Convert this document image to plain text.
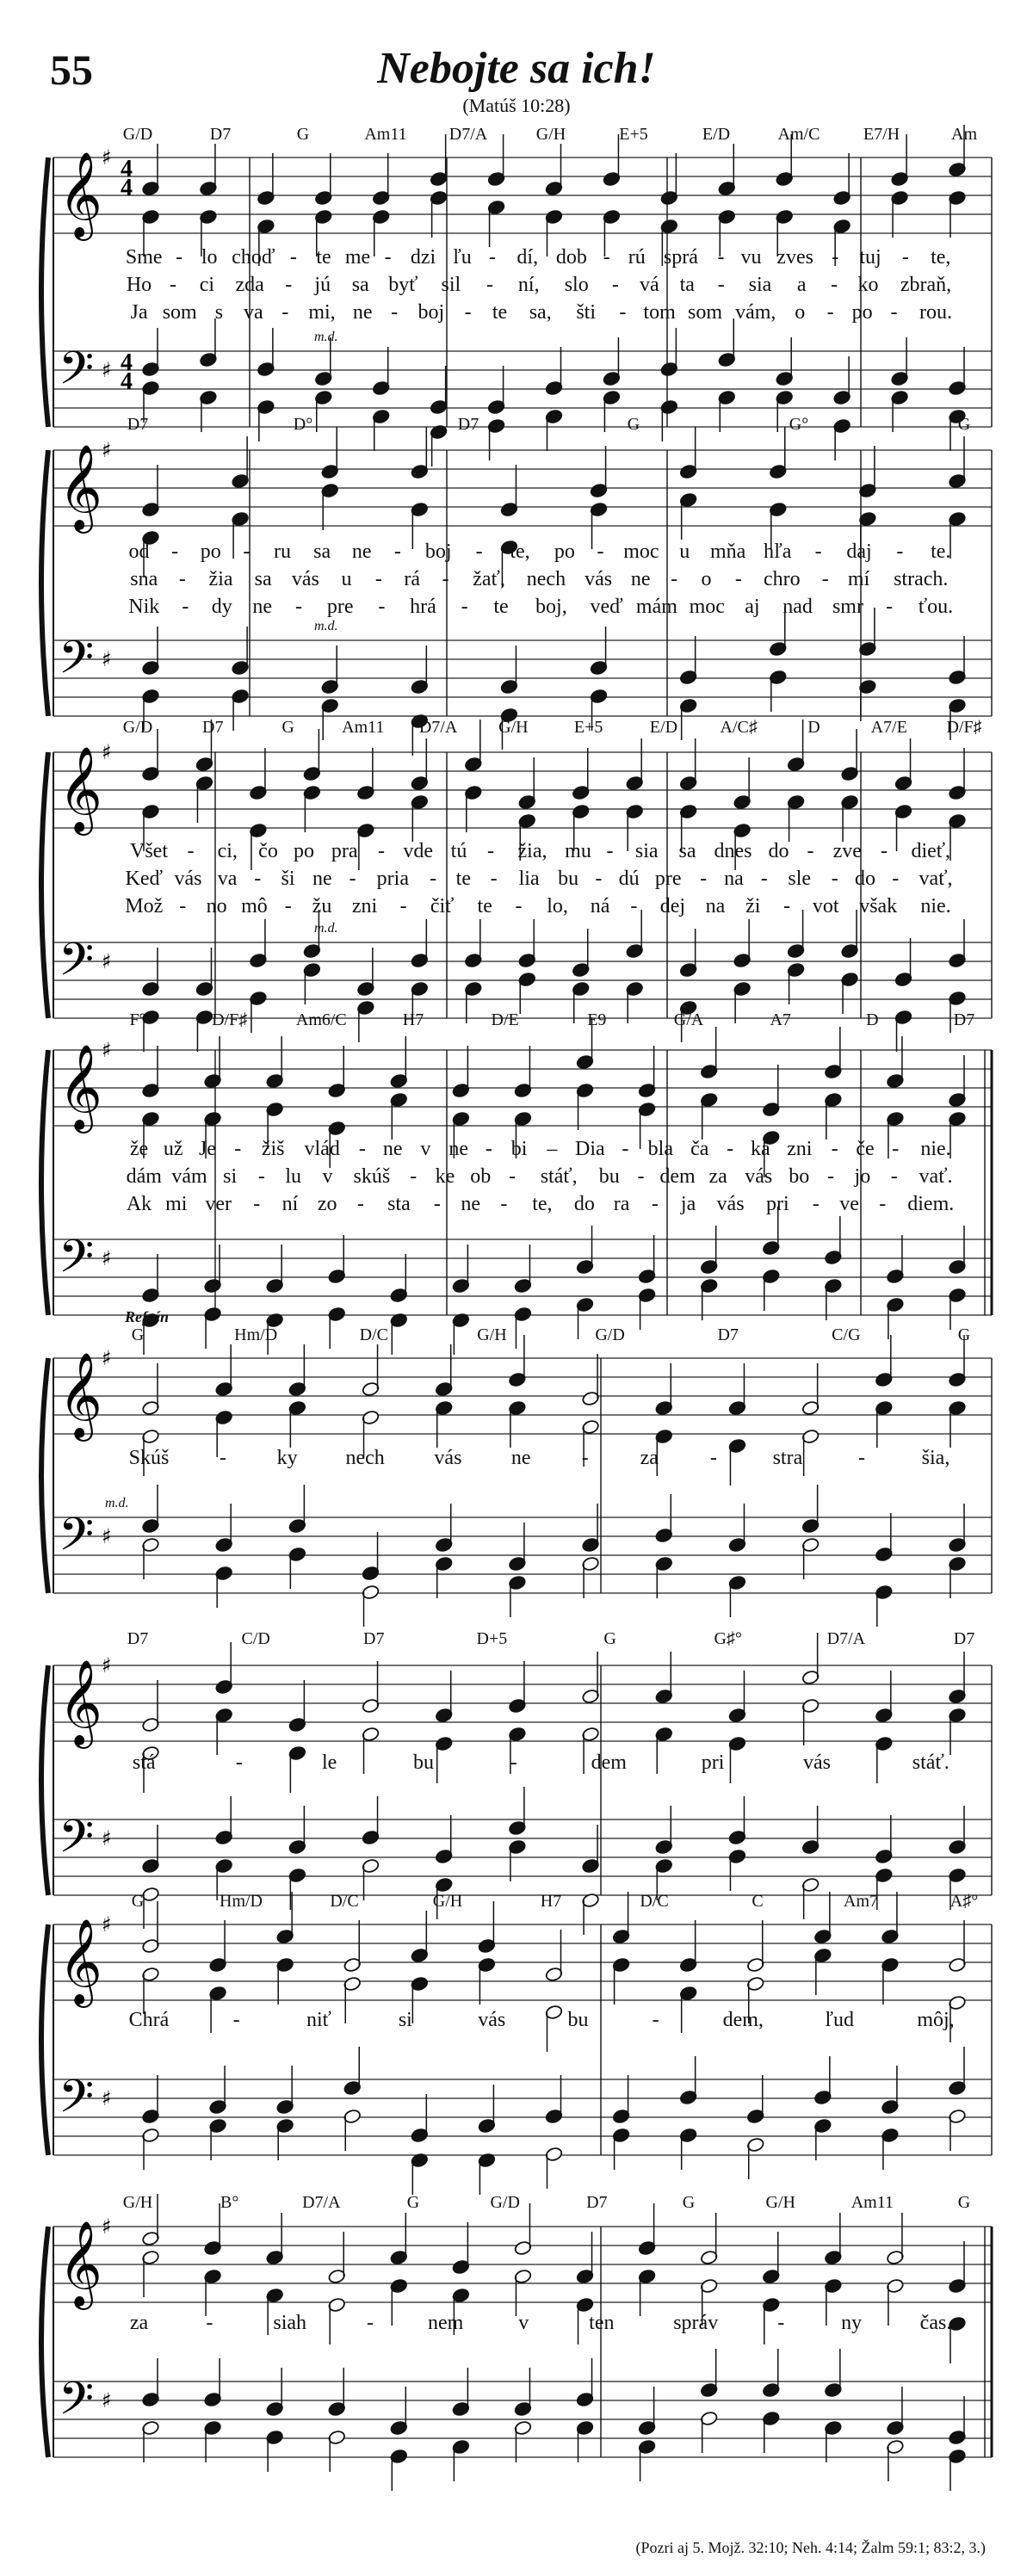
55	Nebojte sa ich!
(Matúš 10:28)
𝄞 ♯ 4
4
𝄢 ♯ 4
4
G/D	D7	G	Am11 D7/A	G/H	E+5	E/D	Am/C	E7/H	Am
Sme - lo choď - te me - dzi ľu - dí, dob - rú sprá - vu zves - tuj - te,
Ho - ci zda - jú sa byť sil - ní, slo - vá ta - sia a - ko zbraň,
Ja som s va - mi, ne - boj - te sa, šti - tom som vám, o - po - rou.
m.d.
𝄞 ♯
𝄢 ♯
D7	D°	D7	G	G°	G
od - po - ru sa ne - boj - te, po - moc u mňa hľa - daj - te.
sna - žia sa vás u - rá - žať, nech vás ne - o - chro - mí strach.
Nik - dy ne - pre - hrá - te boj, veď mám moc aj nad smr - ťou.
m.d.
𝄞 ♯
𝄢 ♯
G/D	D7	G	Am11 D7/A G/H	E+5	E/D A/C♯	D	A7/E D/F♯
Všet - ci, čo po pra - vde tú - žia, mu - sia sa dnes do - zve - dieť,
Keď vás va - ši ne - pria - te - lia bu - dú pre - na - sle - do - vať,
Mož - no mô - žu zni - čiť te - lo, ná - dej na ži - vot však nie.
m.d.
𝄞 ♯
𝄢 ♯
F°	D/F♯	Am6/C	H7	D/E	E9	G/A	A7	D	D7
že už Je - žiš vlád - ne v ne - bi – Dia - bla ča - ká zni - če - nie.
dám vám si - lu v skúš - ke ob - stáť, bu - dem za vás bo - jo - vať.
Ak mi ver - ní zo - sta - ne - te, do ra - ja vás pri - ve - diem.
𝄞 ♯
𝄢 ♯
G	Hm/D	D/C	G/H	G/D	D7	C/G	G
Skúš - ky nech vás ne - za -	stra	-	šia,
m.d.
Refrén
𝄞 ♯
𝄢 ♯
D7	C/D	D7	D+5	G	G♯°	D7/A	D7
stá	-	le	bu	-	dem	pri	vás	stáť.
𝄞 ♯
𝄢 ♯
G	Hm/D	D/C	G/H	H7	D/C	C	Am7	A♯°
Chrá	-	niť	si	vás	bu	-	dem,	ľud	môj,
𝄞 ♯
𝄢 ♯
G/H	B°	D7/A	G	G/D	D7	G	G/H	Am11	G
za	-	siah	-	nem	v	ten	správ	-	ny	čas.
(Pozri aj 5. Mojž. 32:10; Neh. 4:14; Žalm 59:1; 83:2, 3.)
